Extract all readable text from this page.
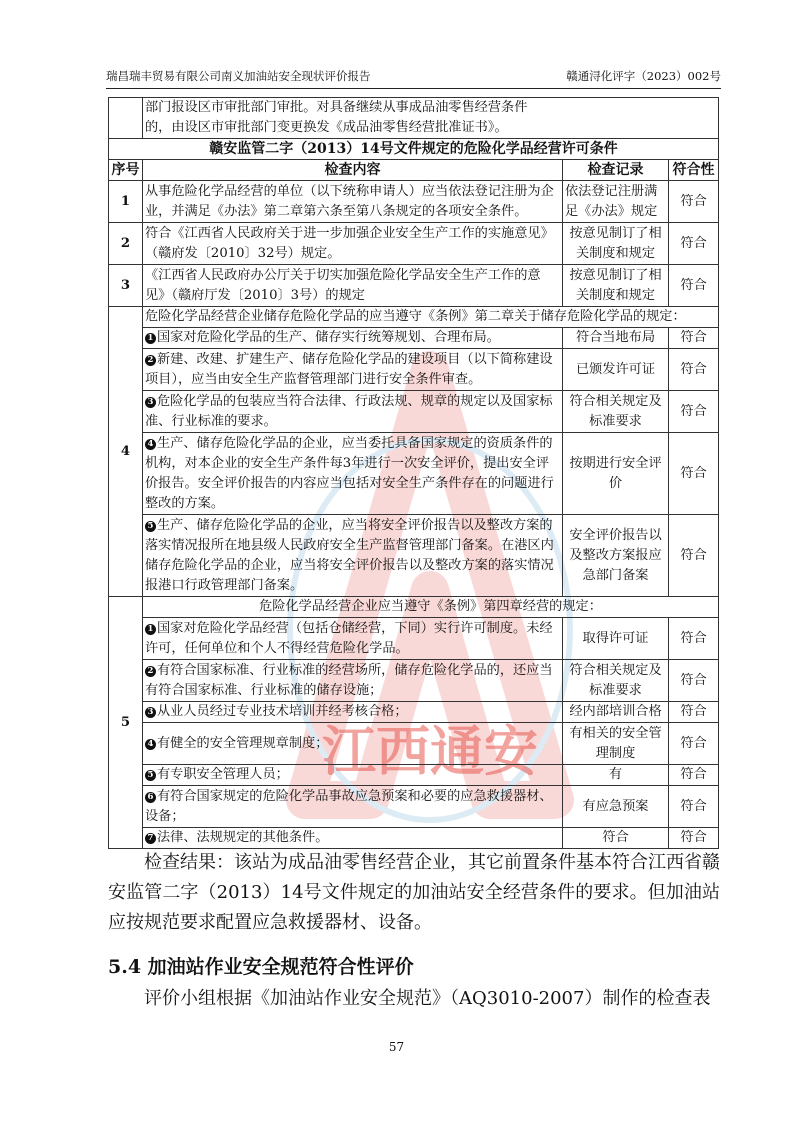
瑞昌瑞丰贸易有限公司南义加油站安全现状评价报告	赣通浔化评字（2023）002号
江西通安

	部门报设区市审批部门审批。对具备继续从事成品油零售经营条件
的，由设区市审批部门变更换发《成品油零售经营批准证书》。		

赣安监管二字（2013）14号文件规定的危险化学品经营许可条件			
序号	检查内容	检查记录	符合性
1	从事危险化学品经营的单位（以下统称申请人）应当依法登记注册为企业，并满足《办法》第二章第六条至第八条规定的各项安全条件。	依法登记注册满足《办法》规定	符合
2	符合《江西省人民政府关于进一步加强企业安全生产工作的实施意见》（赣府发〔2010〕32号）规定。	按意见制订了相关制度和规定	符合
3	《江西省人民政府办公厅关于切实加强危险化学品安全生产工作的意见》（赣府厅发〔2010〕3号）的规定	按意见制订了相关制度和规定	符合
4	危险化学品经营企业储存危险化学品的应当遵守《条例》第二章关于储存危险化学品的规定：		
	1 国家对危险化学品的生产、储存实行统筹规划、合理布局。	符合当地布局	符合
	2 新建、改建、扩建生产、储存危险化学品的建设项目（以下简称建设项目），应当由安全生产监督管理部门进行安全条件审查。	已颁发许可证	符合
	3 危险化学品的包装应当符合法律、行政法规、规章的规定以及国家标准、行业标准的要求。	符合相关规定及标准要求	符合
	4 生产、储存危险化学品的企业，应当委托具备国家规定的资质条件的机构，对本企业的安全生产条件每3年进行一次安全评价，提出安全评价报告。安全评价报告的内容应当包括对安全生产条件存在的问题进行整改的方案。	按期进行安全评价	符合
	5 生产、储存危险化学品的企业，应当将安全评价报告以及整改方案的落实情况报所在地县级人民政府安全生产监督管理部门备案。在港区内储存危险化学品的企业，应当将安全评价报告以及整改方案的落实情况报港口行政管理部门备案。	安全评价报告以及整改方案报应急部门备案	符合
5	危险化学品经营企业应当遵守《条例》第四章经营的规定：		
	1 国家对危险化学品经营（包括仓储经营，下同）实行许可制度。未经许可，任何单位和个人不得经营危险化学品。	取得许可证	符合
	2 有符合国家标准、行业标准的经营场所，储存危险化学品的，还应当有符合国家标准、行业标准的储存设施；	符合相关规定及标准要求	符合
	3 从业人员经过专业技术培训并经考核合格；	经内部培训合格	符合
	4 有健全的安全管理规章制度；	有相关的安全管理制度	符合
	5 有专职安全管理人员；	有	符合
	6 有符合国家规定的危险化学品事故应急预案和必要的应急救援器材、设备；	有应急预案	符合
	7 法律、法规规定的其他条件。	符合	符合

检查结果：该站为成品油零售经营企业，其它前置条件基本符合江西省赣安监管二字（2013）14号文件规定的加油站安全经营条件的要求。但加油站应按规范要求配置应急救援器材、设备。

5.4 加油站作业安全规范符合性评价

评价小组根据《加油站作业安全规范》（AQ3010-2007）制作的检查表

57
